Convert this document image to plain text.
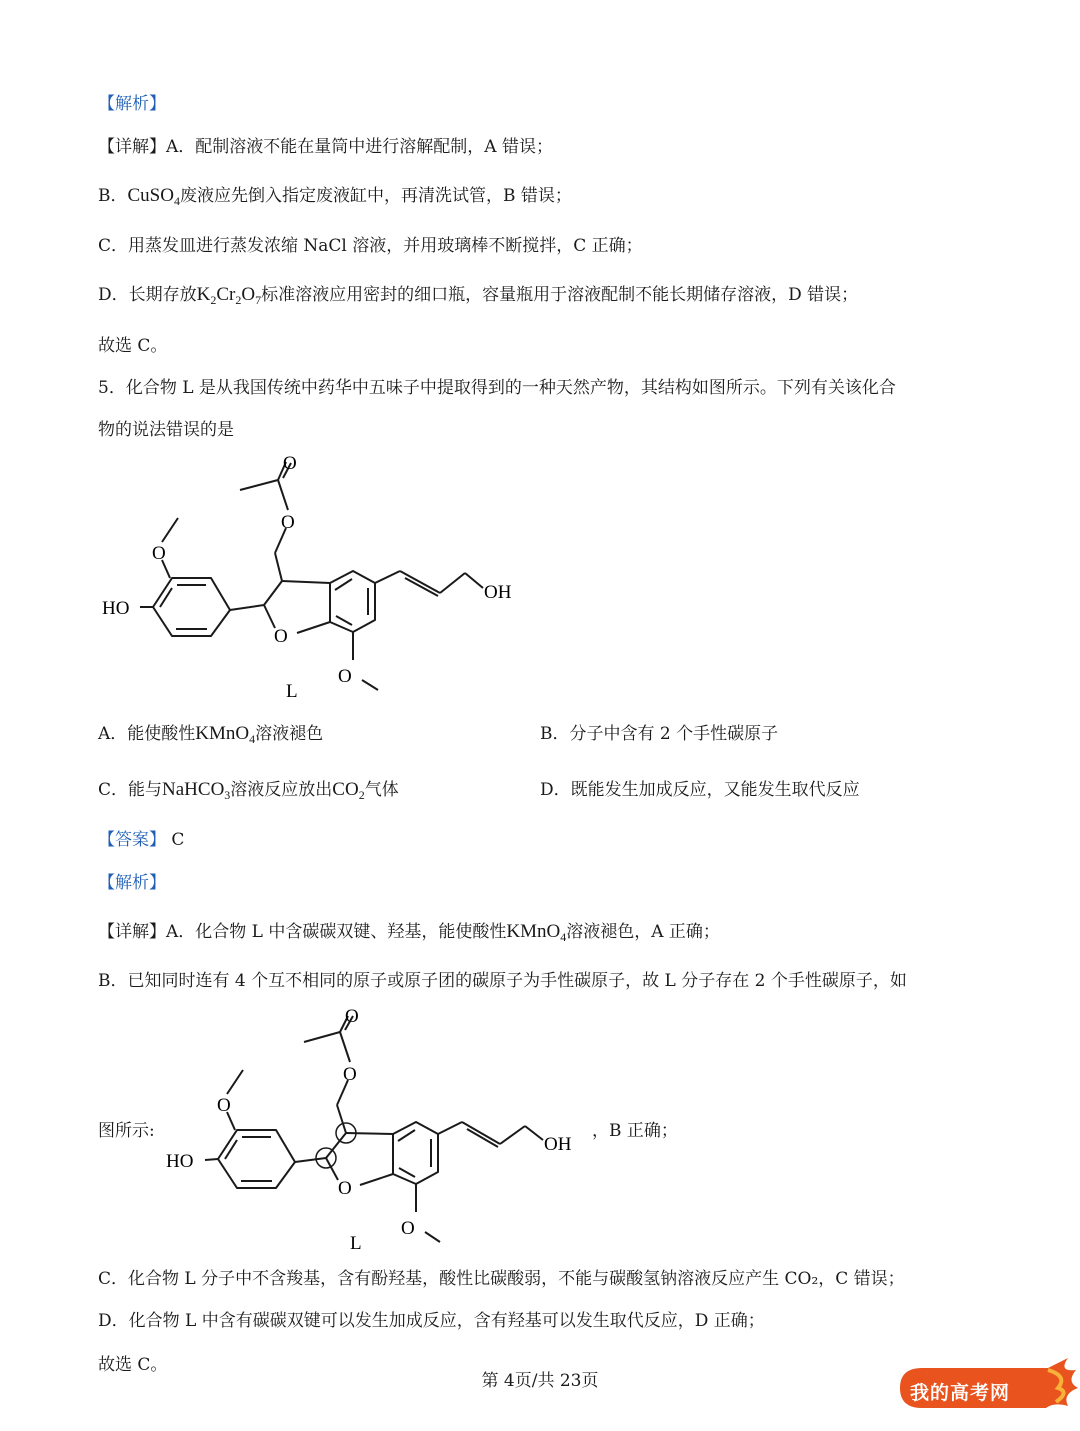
【解析】
【详解】A．配制溶液不能在量筒中进行溶解配制，A 错误；
B．CuSO$_4$废液应先倒入指定废液缸中，再清洗试管，B 错误；
C．用蒸发皿进行蒸发浓缩 NaCl 溶液，并用玻璃棒不断搅拌，C 正确；
D．长期存放$K_2Cr_2O_7$标准溶液应用密封的细口瓶，容量瓶用于溶液配制不能长期储存溶液，D 错误；
故选 C。
5．化合物 L 是从我国传统中药华中五味子中提取得到的一种天然产物，其结构如图所示。下列有关该化合
物的说法错误的是
O
O
O
HO
O
O
OH
L
A．能使酸性KMnO$_4$溶液褪色	B．分子中含有 2 个手性碳原子
C．能与NaHCO$_3$溶液反应放出$CO_2$气体	D．既能发生加成反应，又能发生取代反应
【答案】 C
【解析】
【详解】A．化合物 L 中含碳碳双键、羟基，能使酸性KMnO$_4$溶液褪色，A 正确；
B．已知同时连有 4 个互不相同的原子或原子团的碳原子为手性碳原子，故 L 分子存在 2 个手性碳原子，如
图所示:
O
O
O
HO
O
O
OH
L
，B 正确；
C．化合物 L 分子中不含羧基，含有酚羟基，酸性比碳酸弱，不能与碳酸氢钠溶液反应产生 CO₂，C 错误；
D．化合物 L 中含有碳碳双键可以发生加成反应，含有羟基可以发生取代反应，D 正确；
故选 C。
第 4页/共 23页
我的高考网
